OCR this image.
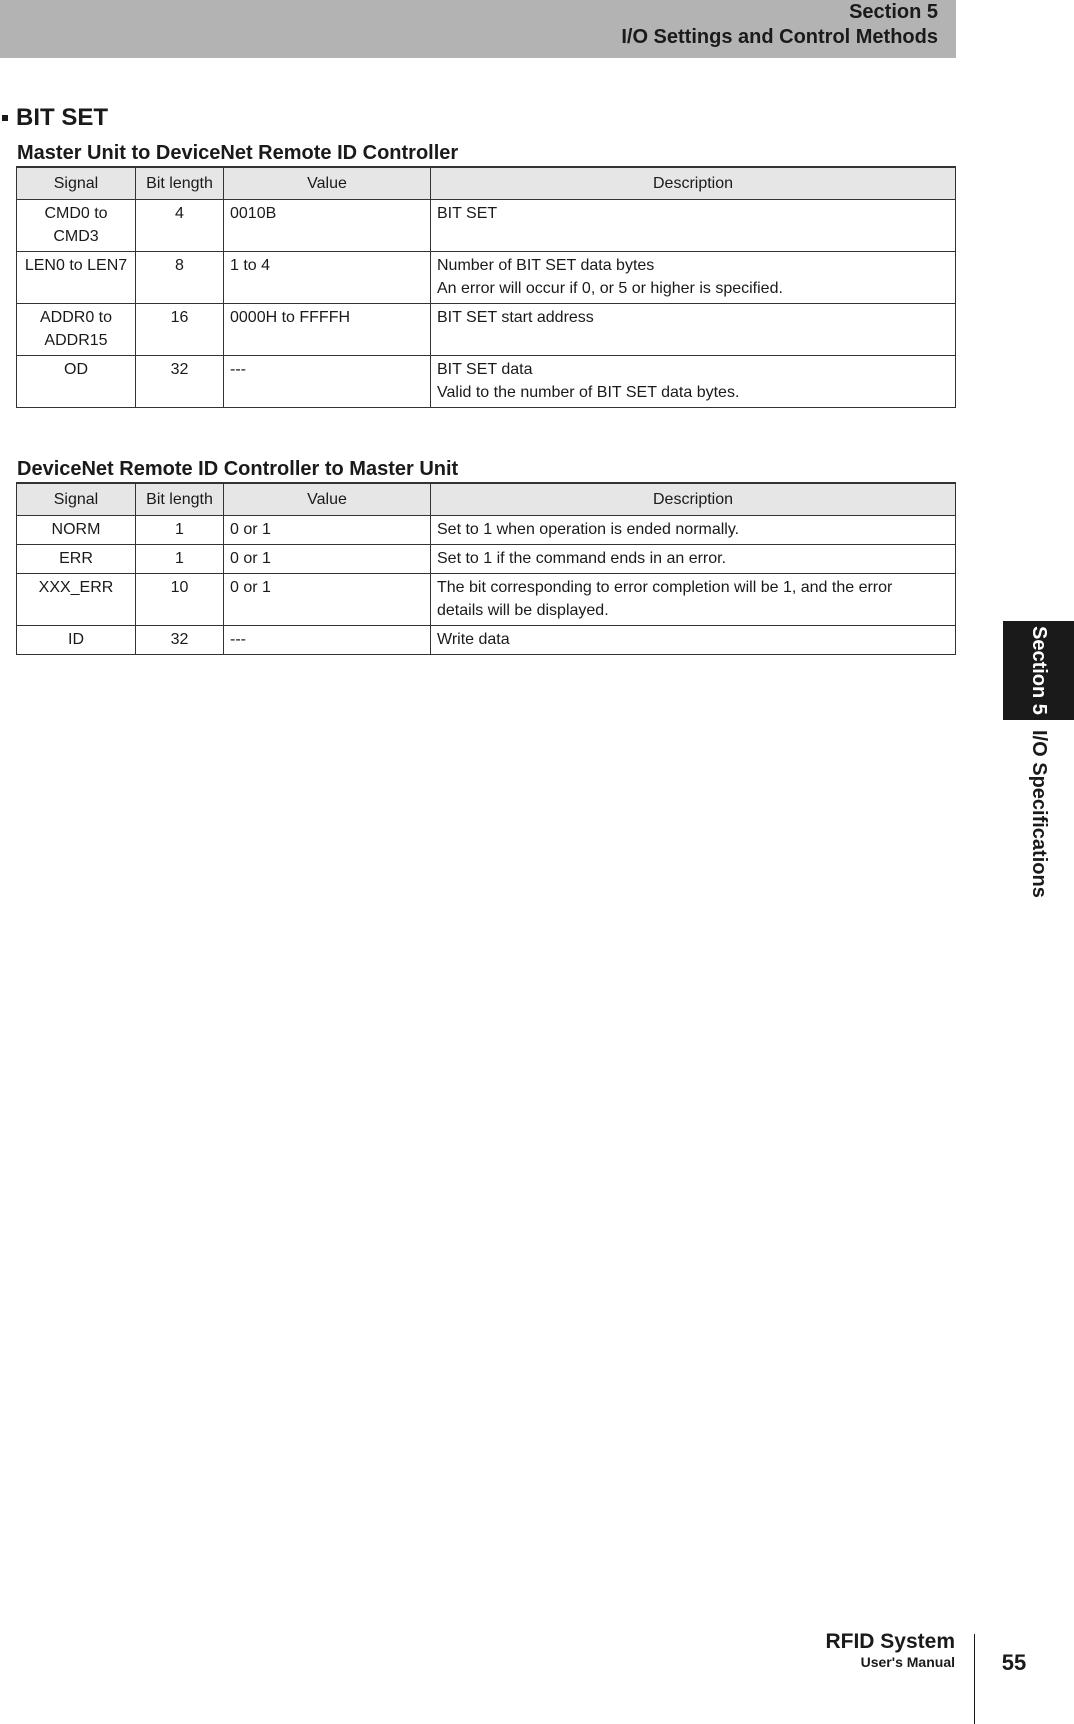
Section 5
I/O Settings and Control Methods
BIT SET
Master Unit to DeviceNet Remote ID Controller
Signal	Bit length	Value	Description

CMD0 to
CMD3	4	0010B	BIT SET

LEN0 to LEN7	8	1 to 4	Number of BIT SET data bytes
An error will occur if 0, or 5 or higher is specified.

ADDR0 to
ADDR15	16	0000H to FFFFH	BIT SET start address

OD	32	---	BIT SET data
Valid to the number of BIT SET data bytes.
DeviceNet Remote ID Controller to Master Unit
Signal	Bit length	Value	Description

NORM	1	0 or 1	Set to 1 when operation is ended normally.

ERR	1	0 or 1	Set to 1 if the command ends in an error.

XXX_ERR	10	0 or 1	The bit corresponding to error completion will be 1, and the error
details will be displayed.

ID	32	---	Write data	Section 5
I/O Specifications
RFID System
User's Manual	55
